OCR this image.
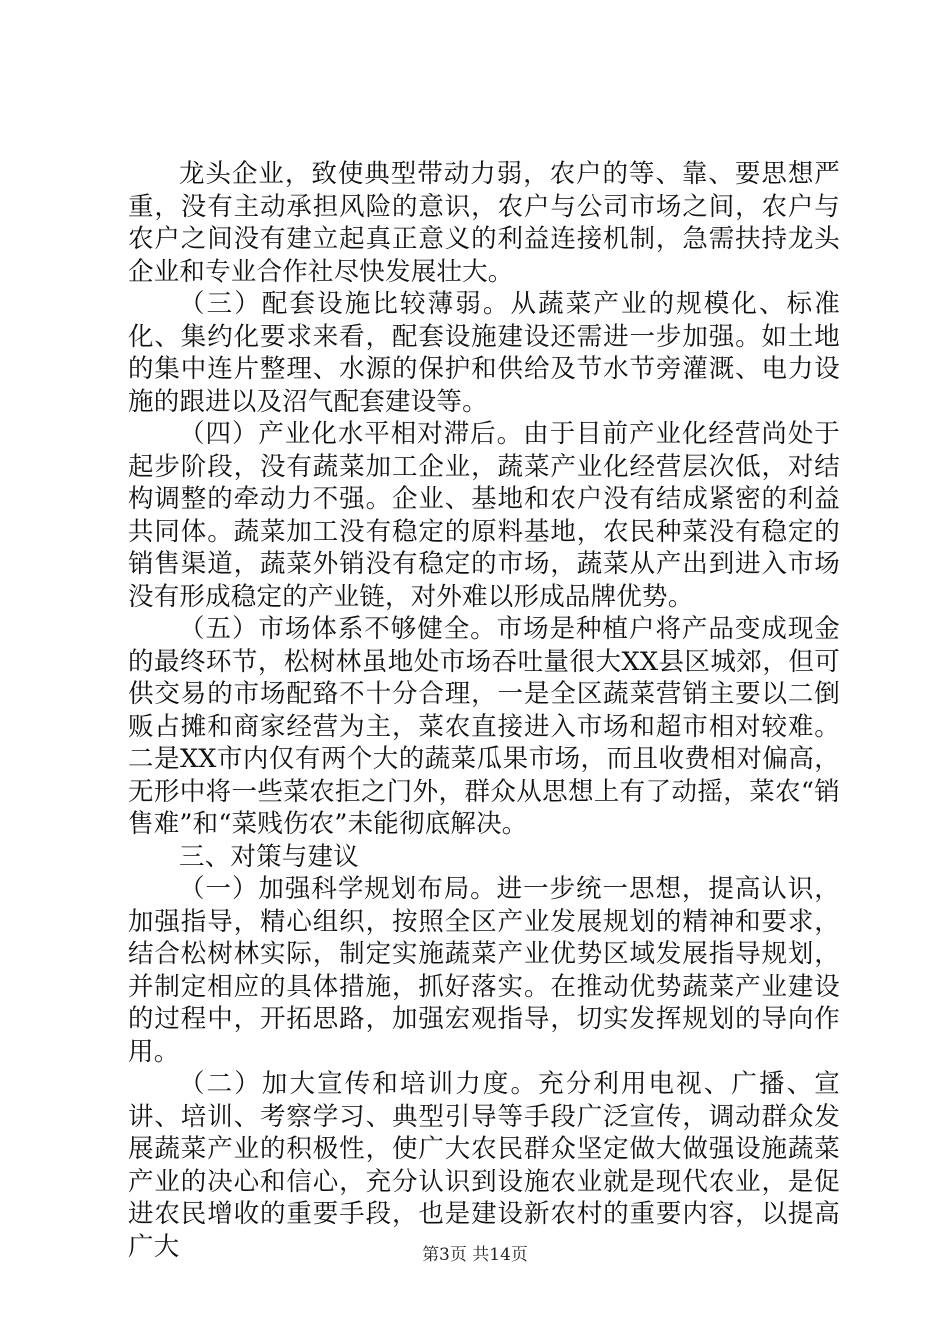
龙头企业，致使典型带动力弱，农户的等、靠、要思想严重，没有主动承担风险的意识，农户与公司市场之间，农户与农户之间没有建立起真正意义的利益连接机制，急需扶持龙头企业和专业合作社尽快发展壮大。

（三）配套设施比较薄弱。从蔬菜产业的规模化、标准化、集约化要求来看，配套设施建设还需进一步加强。如土地的集中连片整理、水源的保护和供给及节水节旁灌溉、电力设施的跟进以及沼气配套建设等。

（四）产业化水平相对滞后。由于目前产业化经营尚处于起步阶段，没有蔬菜加工企业，蔬菜产业化经营层次低，对结构调整的牵动力不强。企业、基地和农户没有结成紧密的利益共同体。蔬菜加工没有稳定的原料基地，农民种菜没有稳定的销售渠道，蔬菜外销没有稳定的市场，蔬菜从产出到进入市场没有形成稳定的产业链，对外难以形成品牌优势。

（五）市场体系不够健全。市场是种植户将产品变成现金的最终环节，松树林虽地处市场吞吐量很大XX县区城郊，但可供交易的市场配臵不十分合理，一是全区蔬菜营销主要以二倒贩占摊和商家经营为主，菜农直接进入市场和超市相对较难。二是XX市内仅有两个大的蔬菜瓜果市场，而且收费相对偏高，无形中将一些菜农拒之门外，群众从思想上有了动摇，菜农“销售难”和“菜贱伤农”未能彻底解决。

三、对策与建议

（一）加强科学规划布局。进一步统一思想，提高认识，加强指导，精心组织，按照全区产业发展规划的精神和要求，结合松树林实际，制定实施蔬菜产业优势区域发展指导规划，并制定相应的具体措施，抓好落实。在推动优势蔬菜产业建设的过程中，开拓思路，加强宏观指导，切实发挥规划的导向作用。

（二）加大宣传和培训力度。充分利用电视、广播、宣讲、培训、考察学习、典型引导等手段广泛宣传，调动群众发展蔬菜产业的积极性，使广大农民群众坚定做大做强设施蔬菜产业的决心和信心，充分认识到设施农业就是现代农业，是促进农民增收的重要手段，也是建设新农村的重要内容，以提高广大	第3页 共14页
